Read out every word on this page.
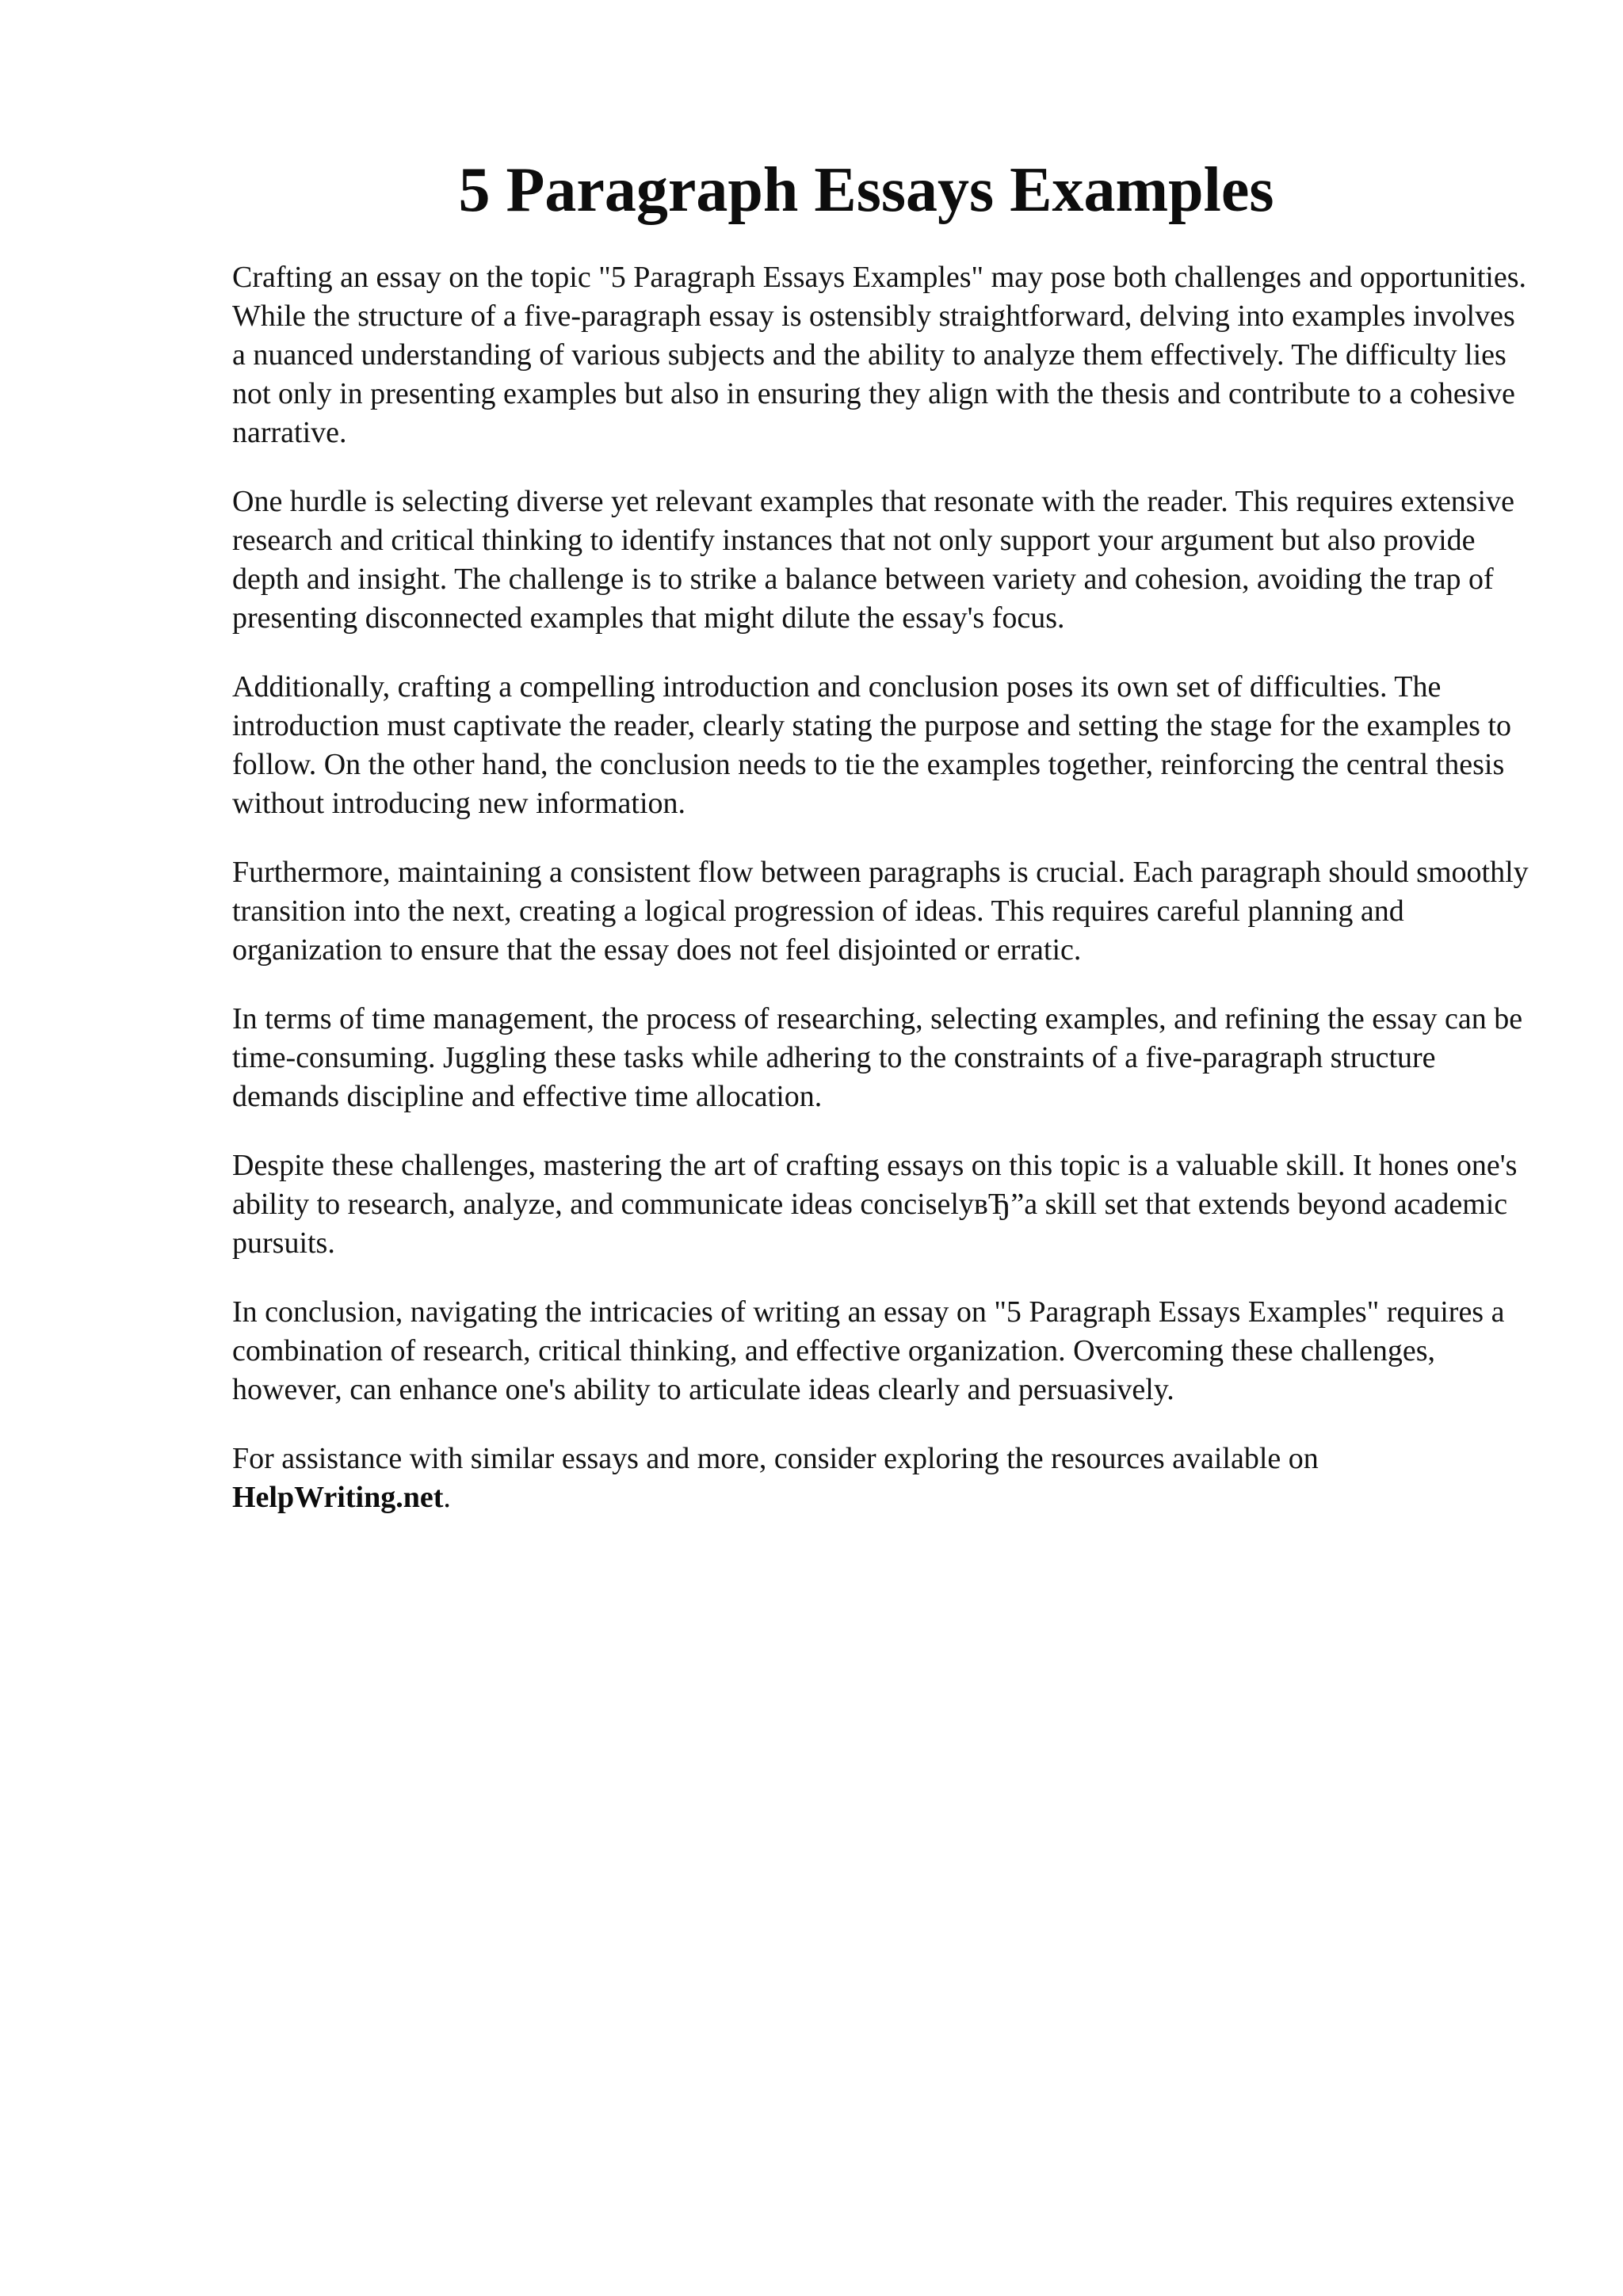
5 Paragraph Essays Examples

Crafting an essay on the topic "5 Paragraph Essays Examples" may pose both challenges and opportunities. While the structure of a five-paragraph essay is ostensibly straightforward, delving into examples involves a nuanced understanding of various subjects and the ability to analyze them effectively. The difficulty lies not only in presenting examples but also in ensuring they align with the thesis and contribute to a cohesive narrative.

One hurdle is selecting diverse yet relevant examples that resonate with the reader. This requires extensive research and critical thinking to identify instances that not only support your argument but also provide depth and insight. The challenge is to strike a balance between variety and cohesion, avoiding the trap of presenting disconnected examples that might dilute the essay's focus.

Additionally, crafting a compelling introduction and conclusion poses its own set of difficulties. The introduction must captivate the reader, clearly stating the purpose and setting the stage for the examples to follow. On the other hand, the conclusion needs to tie the examples together, reinforcing the central thesis without introducing new information.

Furthermore, maintaining a consistent flow between paragraphs is crucial. Each paragraph should smoothly transition into the next, creating a logical progression of ideas. This requires careful planning and organization to ensure that the essay does not feel disjointed or erratic.

In terms of time management, the process of researching, selecting examples, and refining the essay can be time-consuming. Juggling these tasks while adhering to the constraints of a five-paragraph structure demands discipline and effective time allocation.

Despite these challenges, mastering the art of crafting essays on this topic is a valuable skill. It hones one's ability to research, analyze, and communicate ideas conciselyвЂ”a skill set that extends beyond academic pursuits.

In conclusion, navigating the intricacies of writing an essay on "5 Paragraph Essays Examples" requires a combination of research, critical thinking, and effective organization. Overcoming these challenges, however, can enhance one's ability to articulate ideas clearly and persuasively.

For assistance with similar essays and more, consider exploring the resources available on HelpWriting.net.
